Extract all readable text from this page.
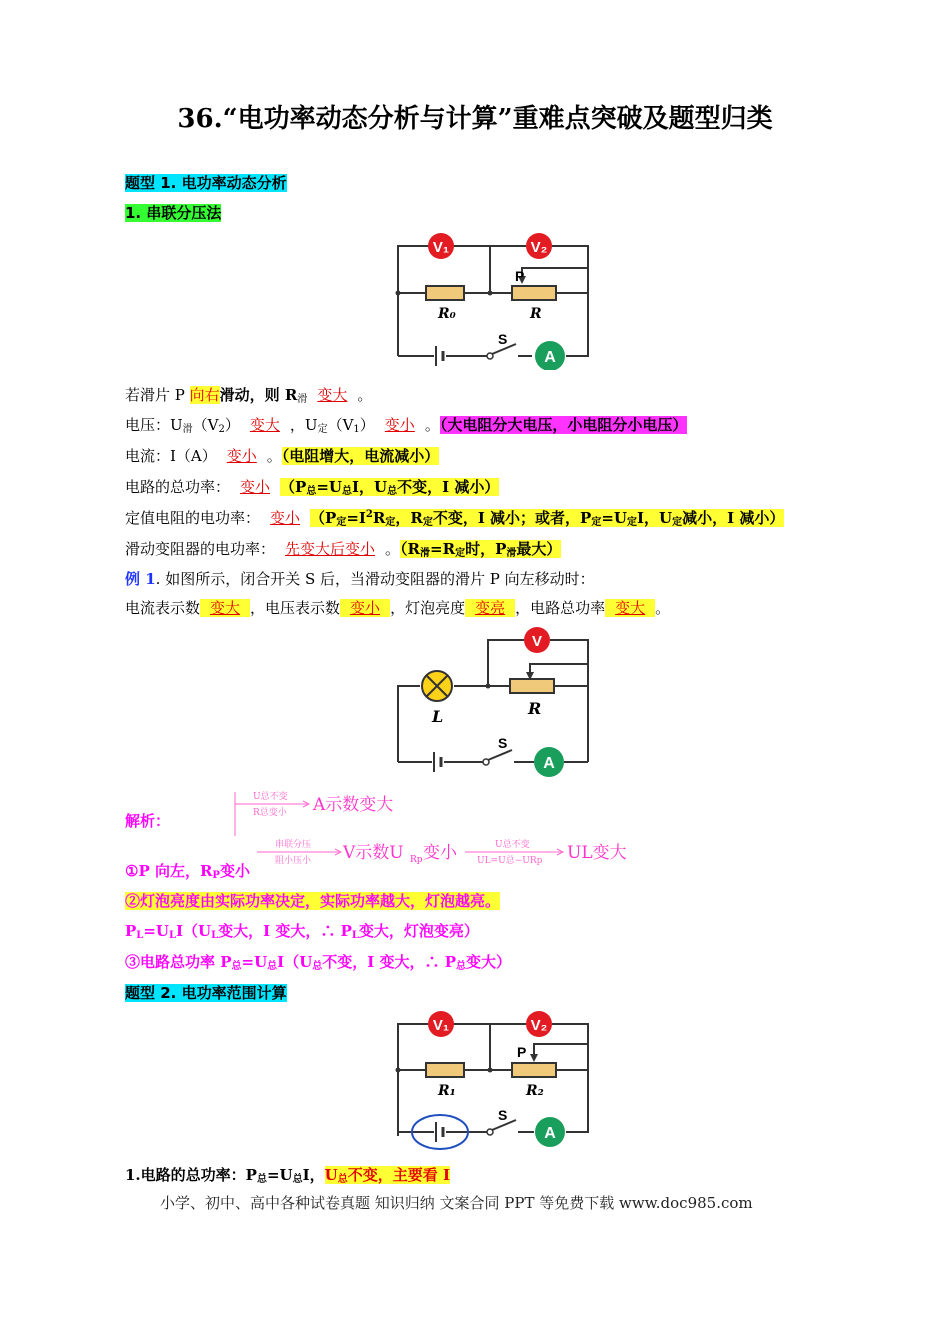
36.“电功率动态分析与计算”重难点突破及题型归类
题型 1. 电功率动态分析
1. 串联分压法
V₁	V₂
P
R₀	R
S
A
若滑片 P 向右滑动，则 $R_滑$ 变大 。
电压：$U_滑(V_2)$ 变大 ，$U_定(V_1)$ 变小 。（大电阻分大电压，小电阻分小电压）
电流：I（A） 变小 。（电阻增大，电流减小）
电路的总功率： 变小 （$P_总=U_总I$，$U_总$不变，I 减小）
定值电阻的电功率： 变小 （$P_定=I^2R_定$，$R_定$不变，I 减小；或者，$P_定=U_定I$，$U_定$减小，I 减小）
滑动变阻器的电功率： 先变大后变小 。（$R_滑=R_定$时，$P_滑$最大）
例 1. 如图所示，闭合开关 S 后，当滑动变阻器的滑片 P 向左移动时：
电流表示数 变大 ，电压表示数 变小 ，灯泡亮度 变亮 ，电路总功率 变大 。
V
L	R
S
A
解析：
U总不变
R总变小
串联分压
阻小压小
U总不变
UL=U总−URp
A示数变大
V示数U Rp 变小	UL变大
①P 向左，$R_P$变小
②灯泡亮度由实际功率决定，实际功率越大，灯泡越亮。
$P_L=U_LI(U_L$变大，I 变大，∴ $P_L$变大，灯泡变亮）
③电路总功率 $P_总=U_总I(U_总$不变，I 变大，∴ $P_总$变大）
题型 2. 电功率范围计算
V₁	V₂
P
R₁	R₂
S
A
1.电路的总功率：$P_总=U_总I$，$U_总$不变，主要看 I
小学、初中、高中各种试卷真题 知识归纳 文案合同 PPT 等免费下载 www.doc985.com
